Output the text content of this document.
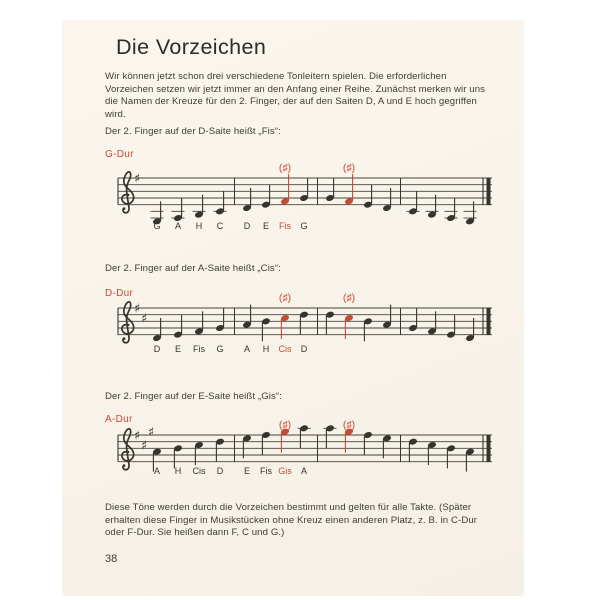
Die Vorzeichen
Wir können jetzt schon drei verschiedene Tonleitern spielen. Die erforderlichen Vorzeichen setzen wir jetzt immer an den Anfang einer Reihe. Zunächst merken wir uns die Namen der Kreuze für den 2. Finger, der auf den Saiten D, A und E hoch gegriffen wird.
Der 2. Finger auf der D-Saite heißt „Fis“:
G-Dur
♯
(♯)	(♯)
G A H C D E Fis G
Der 2. Finger auf der A-Saite heißt „Cis“:
D-Dur
♯
♯
(♯)	(♯)
D E Fis G A H Cis D
Der 2. Finger auf der E-Saite heißt „Gis“:
A-Dur
♯
♯
♯	(♯)	(♯)
A H Cis D E Fis Gis A
Diese Töne werden durch die Vorzeichen bestimmt und gelten für alle Takte. (Später erhalten diese Finger in Musikstücken ohne Kreuz einen anderen Platz, z. B. in C-Dur oder F-Dur. Sie heißen dann F, C und G.)
38
